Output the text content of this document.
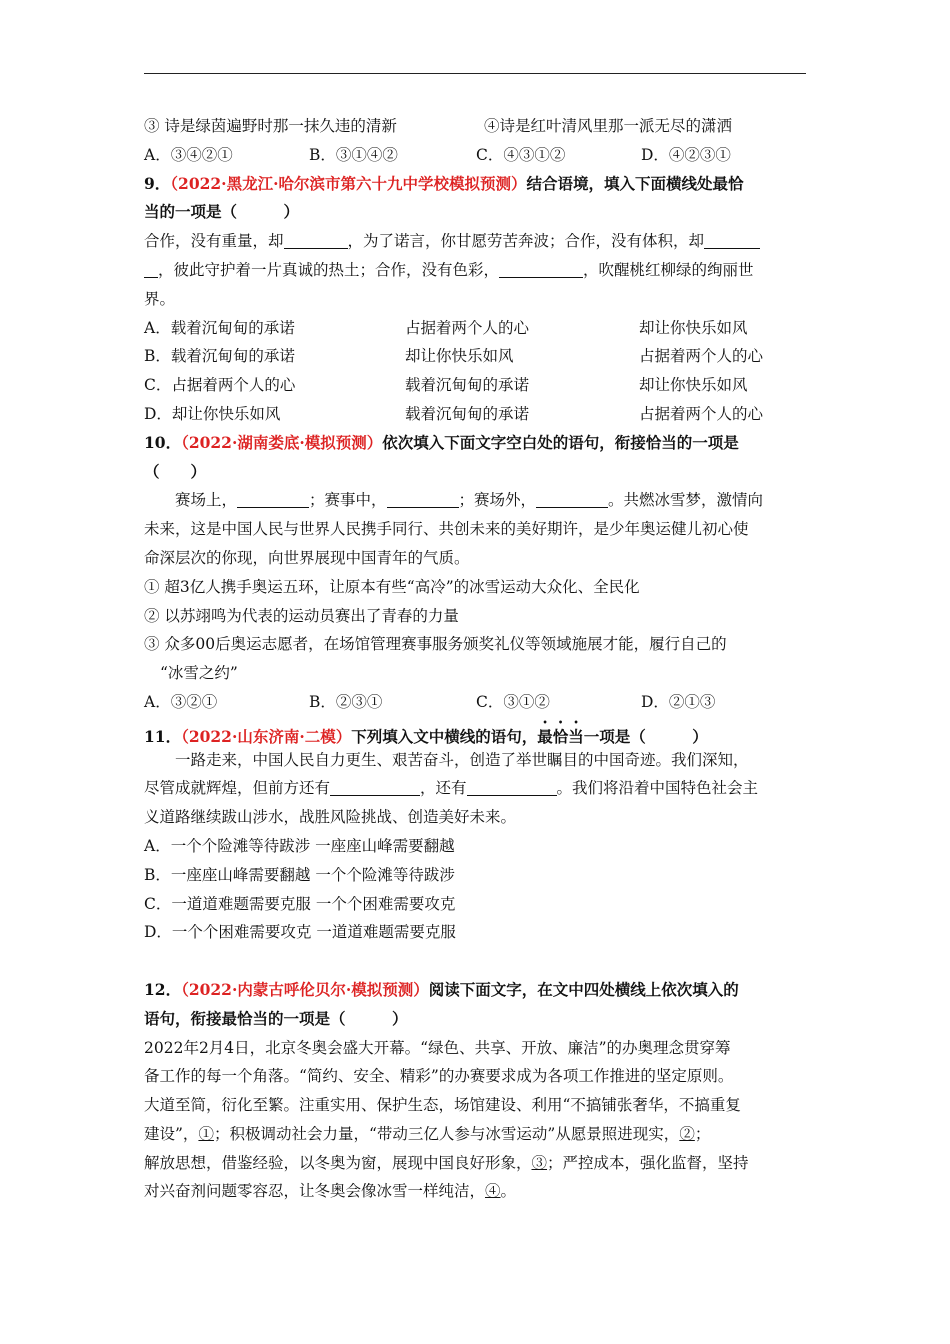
③ 诗是绿茵遍野时那一抹久违的清新	④诗是红叶清风里那一派无尽的潇洒
A．③④②①	B．③①④②	C．④③①②	D．④②③①
9．（2022·黑龙江·哈尔滨市第六十九中学校模拟预测）结合语境，填入下面横线处最恰
当的一项是（　　　）
合作，没有重量，却	，为了诺言，你甘愿劳苦奔波；合作，没有体积，却
，彼此守护着一片真诚的热土；合作，没有色彩，	，吹醒桃红柳绿的绚丽世
界。
A．载着沉甸甸的承诺	占据着两个人的心	却让你快乐如风
B．载着沉甸甸的承诺	却让你快乐如风	占据着两个人的心
C．占据着两个人的心	载着沉甸甸的承诺	却让你快乐如风
D．却让你快乐如风	载着沉甸甸的承诺	占据着两个人的心
10．（2022·湖南娄底·模拟预测）依次填入下面文字空白处的语句，衔接恰当的一项是
（　　）
赛场上，	；赛事中，	；赛场外，	。共燃冰雪梦，激情向
未来，这是中国人民与世界人民携手同行、共创未来的美好期许，是少年奥运健儿初心使
命深层次的你现，向世界展现中国青年的气质。
① 超3亿人携手奥运五环，让原本有些“高冷”的冰雪运动大众化、全民化
② 以苏翊鸣为代表的运动员赛出了青春的力量
③ 众多00后奥运志愿者，在场馆管理赛事服务颁奖礼仪等领域施展才能，履行自己的
“冰雪之约”
A．③②①	B．②③①	C．③①②	D．②①③
11．（2022·山东济南·二模）下列填入文中横线的语句，最恰当一项是（　　　）
一路走来，中国人民自力更生、艰苦奋斗，创造了举世瞩目的中国奇迹。我们深知，
尽管成就辉煌，但前方还有	，还有	。我们将沿着中国特色社会主
义道路继续跋山涉水，战胜风险挑战、创造美好未来。
A．一个个险滩等待跋涉 一座座山峰需要翻越
B．一座座山峰需要翻越 一个个险滩等待跋涉
C．一道道难题需要克服 一个个困难需要攻克
D．一个个困难需要攻克 一道道难题需要克服
12．（2022·内蒙古呼伦贝尔·模拟预测）阅读下面文字，在文中四处横线上依次填入的
语句，衔接最恰当的一项是（　　　）
2022年2月4日，北京冬奥会盛大开幕。“绿色、共享、开放、廉洁”的办奥理念贯穿筹
备工作的每一个角落。“简约、安全、精彩”的办赛要求成为各项工作推进的坚定原则。
大道至简，衍化至繁。注重实用、保护生态，场馆建设、利用“不搞铺张奢华，不搞重复
建设”，①；积极调动社会力量，“带动三亿人参与冰雪运动”从愿景照进现实，②；
解放思想，借鉴经验，以冬奥为窗，展现中国良好形象，③；严控成本，强化监督，坚持
对兴奋剂问题零容忍，让冬奥会像冰雪一样纯洁，④。
